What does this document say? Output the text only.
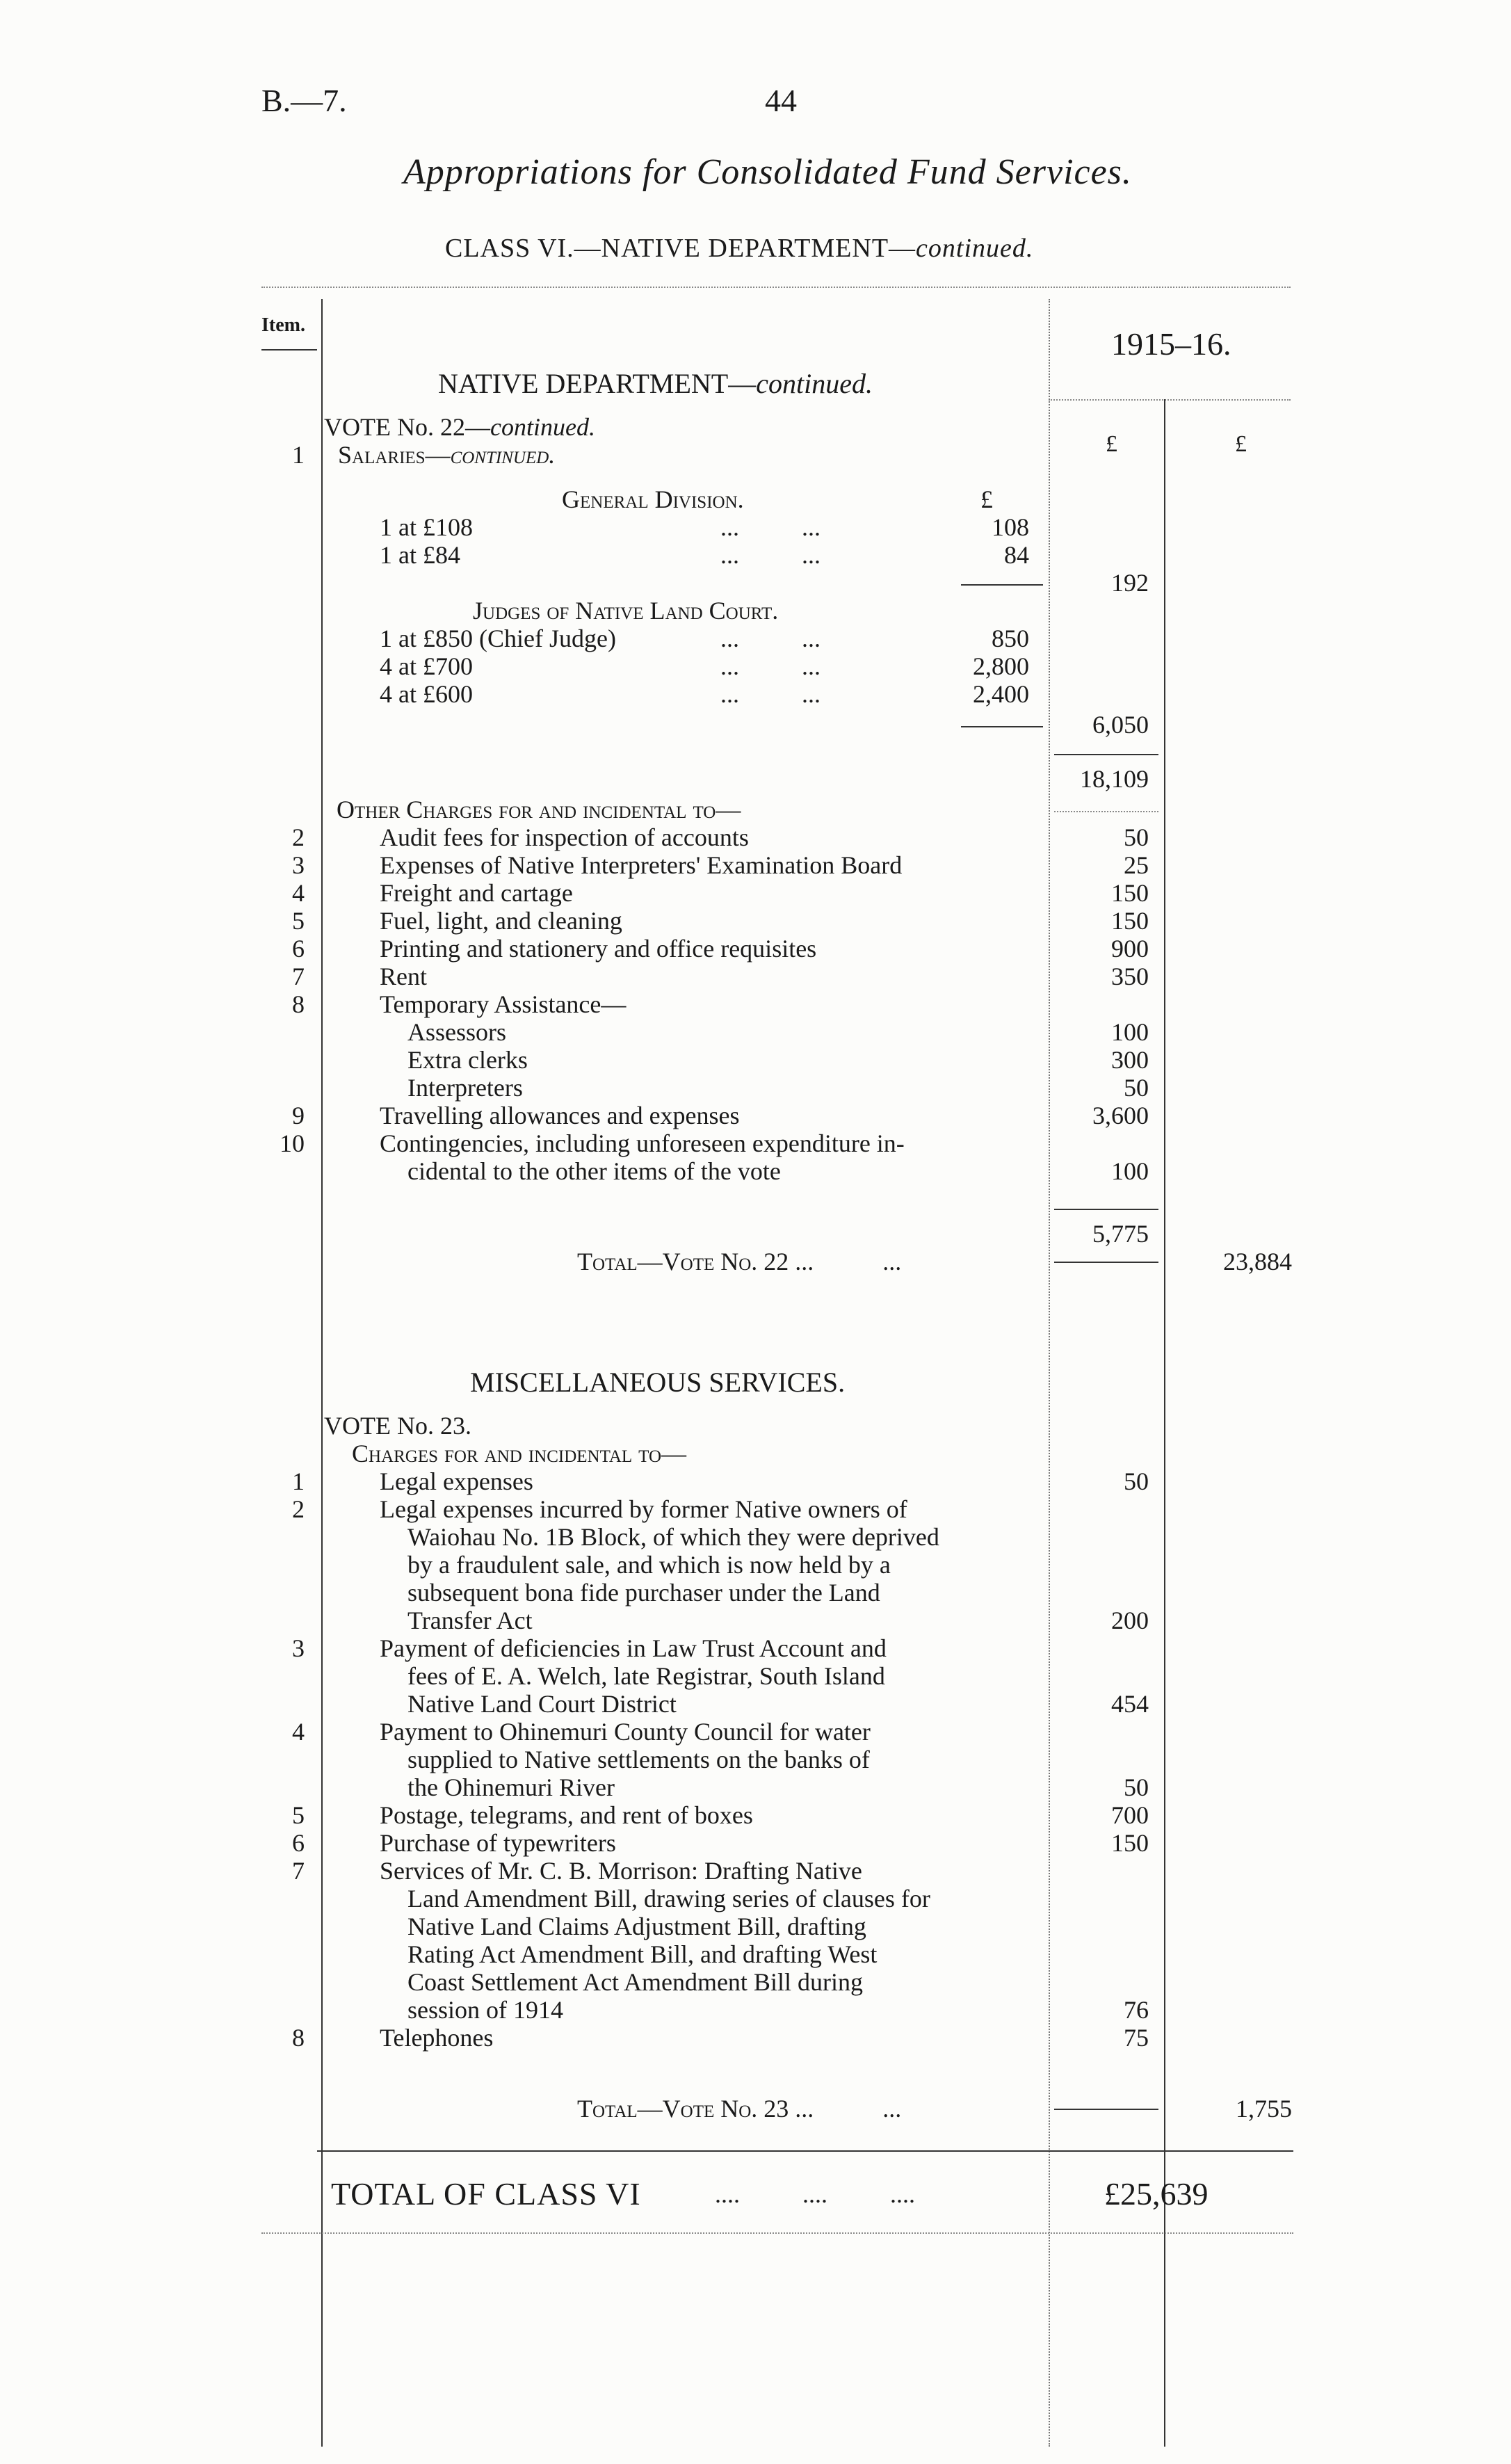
B.—7.	44
Appropriations for Consolidated Fund Services.
CLASS VI.—NATIVE DEPARTMENT—continued.
Item.
1915–16.
£	£
NATIVE DEPARTMENT—continued.
VOTE No. 22—continued.
1 Salaries—continued.
General Division.	£
1 at £108	...          ...	108
1 at £84	...          ...	84
192
Judges of Native Land Court.
1 at £850 (Chief Judge)	...          ...	850
4 at £700	...          ...	2,800
4 at £600	...          ...	2,400
6,050
18,109
Other Charges for and incidental to—
2	Audit fees for inspection of accounts	50
3	Expenses of Native Interpreters' Examination Board	25
4	Freight and cartage	150
5	Fuel, light, and cleaning	150
6	Printing and stationery and office requisites	900
7	Rent	350
8	Temporary Assistance—
Assessors	100
Extra clerks	300
Interpreters	50
9	Travelling allowances and expenses	3,600
10	Contingencies, including unforeseen expenditure in-
cidental to the other items of the vote	100
5,775
Total—Vote No. 22 ...           ...	23,884
MISCELLANEOUS SERVICES.
VOTE No. 23.
Charges for and incidental to—
1	Legal expenses	50
2	Legal expenses incurred by former Native owners of
Waiohau No. 1B Block, of which they were deprived
by a fraudulent sale, and which is now held by a
subsequent bona fide purchaser under the Land
Transfer Act	200
3	Payment of deficiencies in Law Trust Account and
fees of E. A. Welch, late Registrar, South Island
Native Land Court District	454
4	Payment to Ohinemuri County Council for water
supplied to Native settlements on the banks of
the Ohinemuri River	50
5	Postage, telegrams, and rent of boxes	700
6	Purchase of typewriters	150
7	Services of Mr. C. B. Morrison: Drafting Native
Land Amendment Bill, drawing series of clauses for
Native Land Claims Adjustment Bill, drafting
Rating Act Amendment Bill, and drafting West
Coast Settlement Act Amendment Bill during
session of 1914	76
8	Telephones	75
Total—Vote No. 23 ...           ...	1,755
TOTAL OF CLASS VI	....          ....          ....	£25,639
